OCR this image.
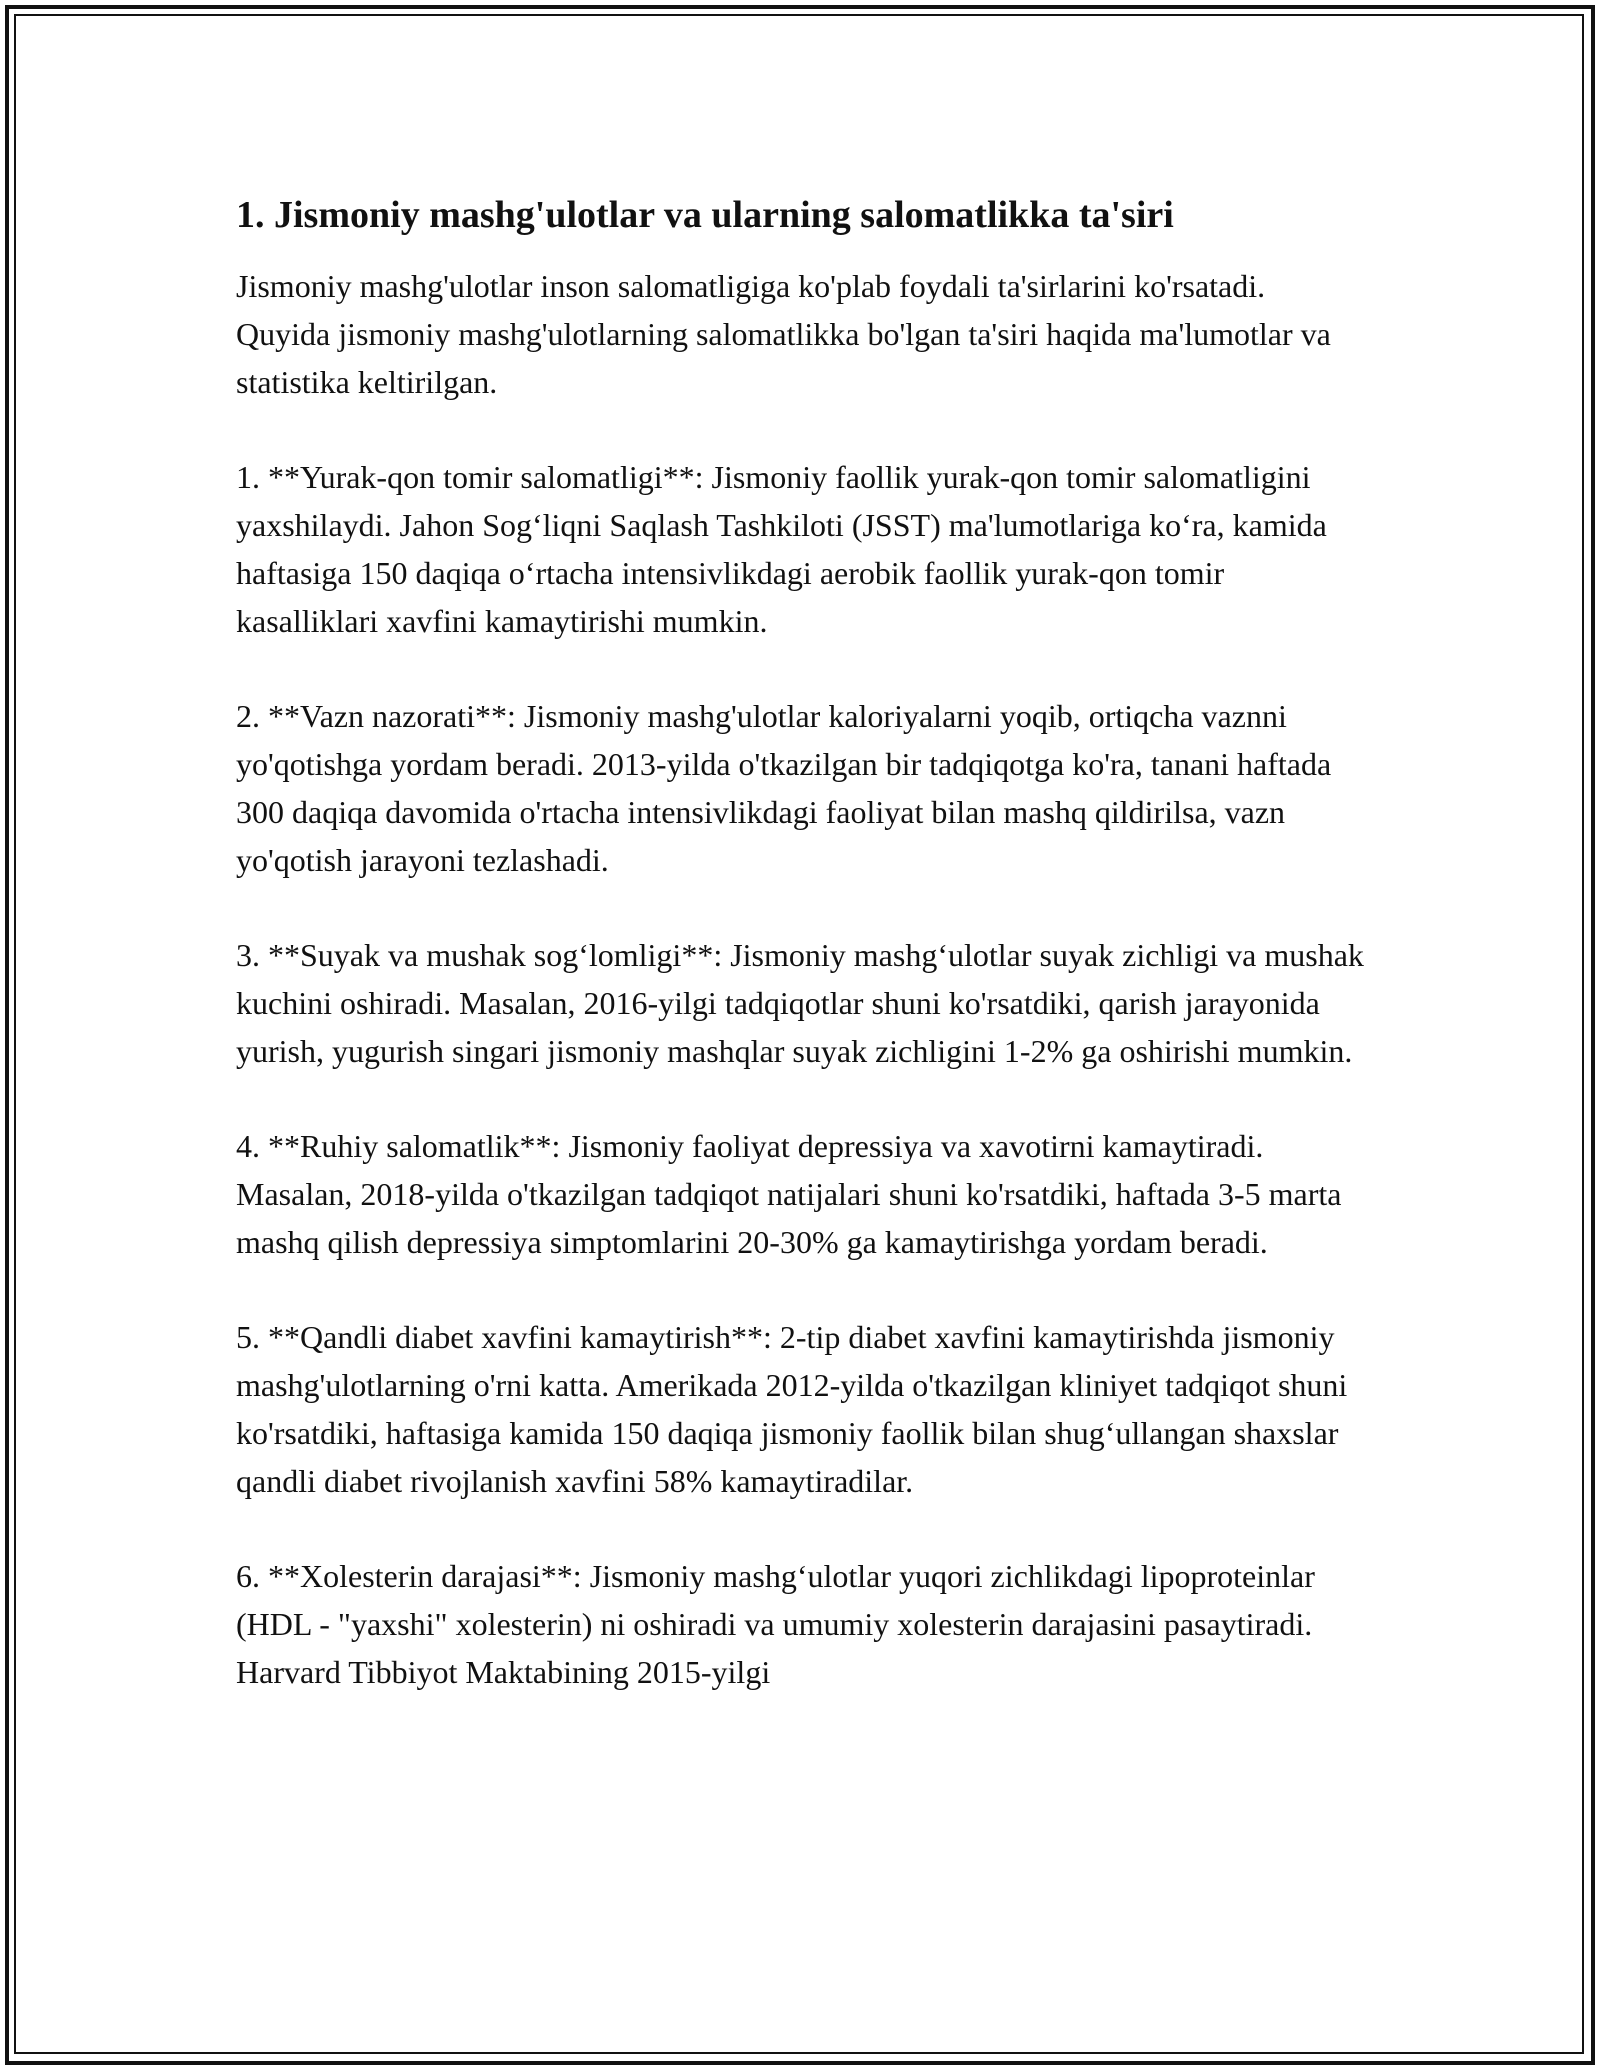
1. Jismoniy mashg'ulotlar va ularning salomatlikka ta'siri

Jismoniy mashg'ulotlar inson salomatligiga ko'plab foydali ta'sirlarini ko'rsatadi. Quyida jismoniy mashg'ulotlarning salomatlikka bo'lgan ta'siri haqida ma'lumotlar va statistika keltirilgan.

1. **Yurak-qon tomir salomatligi**: Jismoniy faollik yurak-qon tomir salomatligini yaxshilaydi. Jahon Sog‘liqni Saqlash Tashkiloti (JSST) ma'lumotlariga ko‘ra, kamida haftasiga 150 daqiqa o‘rtacha intensivlikdagi aerobik faollik yurak-qon tomir kasalliklari xavfini kamaytirishi mumkin.

2. **Vazn nazorati**: Jismoniy mashg'ulotlar kaloriyalarni yoqib, ortiqcha vaznni yo'qotishga yordam beradi. 2013-yilda o'tkazilgan bir tadqiqotga ko'ra, tanani haftada 300 daqiqa davomida o'rtacha intensivlikdagi faoliyat bilan mashq qildirilsa, vazn yo'qotish jarayoni tezlashadi.

3. **Suyak va mushak sog‘lomligi**: Jismoniy mashg‘ulotlar suyak zichligi va mushak kuchini oshiradi. Masalan, 2016-yilgi tadqiqotlar shuni ko'rsatdiki, qarish jarayonida yurish, yugurish singari jismoniy mashqlar suyak zichligini 1-2% ga oshirishi mumkin.

4. **Ruhiy salomatlik**: Jismoniy faoliyat depressiya va xavotirni kamaytiradi. Masalan, 2018-yilda o'tkazilgan tadqiqot natijalari shuni ko'rsatdiki, haftada 3-5 marta mashq qilish depressiya simptomlarini 20-30% ga kamaytirishga yordam beradi.

5. **Qandli diabet xavfini kamaytirish**: 2-tip diabet xavfini kamaytirishda jismoniy mashg'ulotlarning o'rni katta. Amerikada 2012-yilda o'tkazilgan kliniyet tadqiqot shuni ko'rsatdiki, haftasiga kamida 150 daqiqa jismoniy faollik bilan shug‘ullangan shaxslar qandli diabet rivojlanish xavfini 58% kamaytiradilar.

6. **Xolesterin darajasi**: Jismoniy mashg‘ulotlar yuqori zichlikdagi lipoproteinlar (HDL - "yaxshi" xolesterin) ni oshiradi va umumiy xolesterin darajasini pasaytiradi. Harvard Tibbiyot Maktabining 2015-yilgi
